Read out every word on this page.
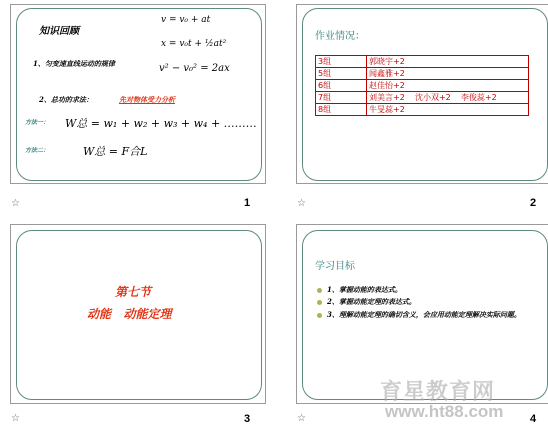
知识回顾
v = v₀ + at
x = v₀t + ½at²
v² − v₀² = 2ax
1、匀变速直线运动的规律
2、总功的求法：	先对物体受力分析
方法一： W总 = w₁ + w₂ + w₃ + w₄ + ………
方法二：	W总 = F合L
☆	1
作业情况：
3组	郭晓宇+2
5组	闻鑫雅+2
6组	赵佳怡+2
7组	刘美言+2    沈小双+2    李俊蕊+2
8组	牛旻蕊+2
☆	2
第七节
动能   动能定理
☆	3
学习目标
1、掌握动能的表达式。
2、掌握动能定理的表达式。
3、理解动能定理的确切含义，会应用动能定理解决实际问题。
☆	4
育星教育网
www.ht88.com
